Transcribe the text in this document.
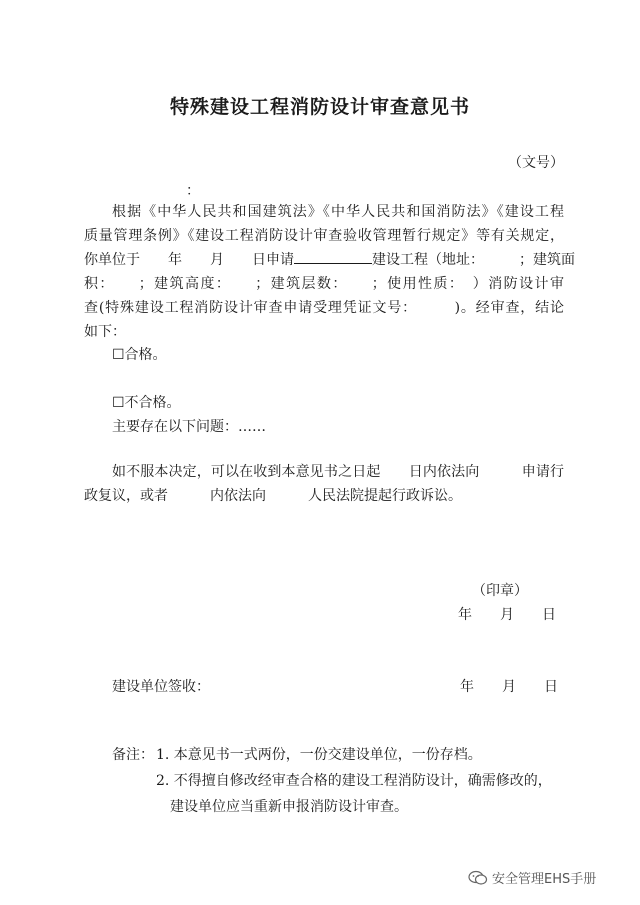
特殊建设工程消防设计审查意见书
（文号）
：
根据《中华人民共和国建筑法》《中华人民共和国消防法》《建设工程
质量管理条例》《建设工程消防设计审查验收管理暂行规定》等有关规定，
你单位于　　年　　月　　日申请	建设工程（地址：　　　；建筑面
积：　　；建筑高度：　　；建筑层数：　　；使用性质：　）消防设计审
查(特殊建设工程消防设计审查申请受理凭证文号：　　　)。经审查，结论
如下：
☐合格。
☐不合格。
主要存在以下问题：……
如不服本决定，可以在收到本意见书之日起　　日内依法向　　　申请行
政复议，或者　　　内依法向　　　人民法院提起行政诉讼。
（印章）
年　　月　　日
建设单位签收：	年　　月　　日
备注： 1. 本意见书一式两份，一份交建设单位，一份存档。
2. 不得擅自修改经审查合格的建设工程消防设计，确需修改的，
建设单位应当重新申报消防设计审查。
安全管理EHS手册
